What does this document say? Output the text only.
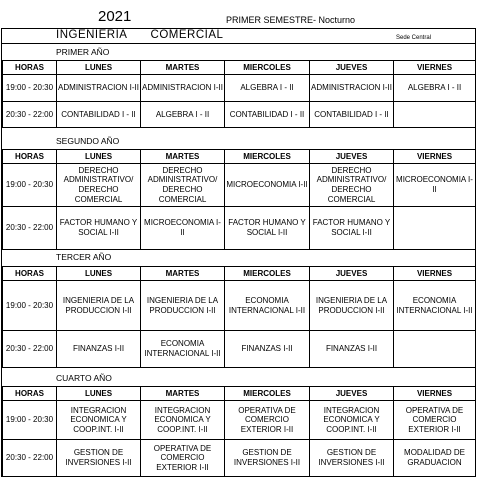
2021	PRIMER SEMESTRE- Nocturno
INGENIERIA COMERCIAL	Sede Central
PRIMER AÑO
HORAS	LUNES	MARTES	MIERCOLES	JUEVES	VIERNES
19:00 - 20:30	ADMINISTRACION I-II	ADMINISTRACION I-II	ALGEBRA I - II	ADMINISTRACION I-II	ALGEBRA I - II
20:30 - 22:00	CONTABILIDAD I - II	ALGEBRA I - II	CONTABILIDAD I - II	CONTABILIDAD I - II	
SEGUNDO AÑO
HORAS	LUNES	MARTES	MIERCOLES	JUEVES	VIERNES
19:00 - 20:30	DERECHO ADMINISTRATIVO/ DERECHO COMERCIAL	DERECHO ADMINISTRATIVO/ DERECHO COMERCIAL	MICROECONOMIA I-II	DERECHO ADMINISTRATIVO/ DERECHO COMERCIAL	MICROECONOMIA I-II
20:30 - 22:00	FACTOR HUMANO Y SOCIAL I-II	MICROECONOMIA I-II	FACTOR HUMANO Y SOCIAL I-II	FACTOR HUMANO Y SOCIAL I-II	
TERCER AÑO
HORAS	LUNES	MARTES	MIERCOLES	JUEVES	VIERNES
19:00 - 20:30	INGENIERIA DE LA PRODUCCION I-II	INGENIERIA DE LA PRODUCCION I-II	ECONOMIA INTERNACIONAL I-II	INGENIERIA DE LA PRODUCCION I-II	ECONOMIA INTERNACIONAL I-II
20:30 - 22:00	FINANZAS I-II	ECONOMIA INTERNACIONAL I-II	FINANZAS I-II	FINANZAS I-II	
CUARTO AÑO
HORAS	LUNES	MARTES	MIERCOLES	JUEVES	VIERNES
19:00 - 20:30	INTEGRACION ECONOMICA Y COOP.INT. I-II	INTEGRACION ECONOMICA Y COOP.INT. I-II	OPERATIVA DE COMERCIO EXTERIOR I-II	INTEGRACION ECONOMICA Y COOP.INT. I-II	OPERATIVA DE COMERCIO EXTERIOR I-II
20:30 - 22:00	GESTION DE INVERSIONES I-II	OPERATIVA DE COMERCIO EXTERIOR I-II	GESTION DE INVERSIONES I-II	GESTION DE INVERSIONES I-II	MODALIDAD DE GRADUACION
